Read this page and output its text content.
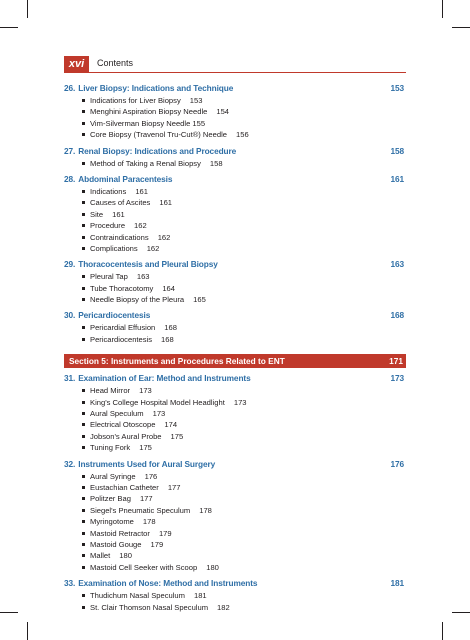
xvi	Contents
26. Liver Biopsy: Indications and Technique	153
Indications for Liver Biopsy 153
Menghini Aspiration Biopsy Needle 154
Vim-Silverman Biopsy Needle 155
Core Biopsy (Travenol Tru-Cut®) Needle 156
27. Renal Biopsy: Indications and Procedure	158
Method of Taking a Renal Biopsy 158
28. Abdominal Paracentesis	161
Indications 161
Causes of Ascites 161
Site 161
Procedure 162
Contraindications 162
Complications 162
29. Thoracocentesis and Pleural Biopsy	163
Pleural Tap 163
Tube Thoracotomy 164
Needle Biopsy of the Pleura 165
30. Pericardiocentesis	168
Pericardial Effusion 168
Pericardiocentesis 168
Section 5: Instruments and Procedures Related to ENT	171
31. Examination of Ear: Method and Instruments	173
Head Mirror 173
King's College Hospital Model Headlight 173
Aural Speculum 173
Electrical Otoscope 174
Jobson's Aural Probe 175
Tuning Fork 175
32. Instruments Used for Aural Surgery	176
Aural Syringe 176
Eustachian Catheter 177
Politzer Bag 177
Siegel's Pneumatic Speculum 178
Myringotome 178
Mastoid Retractor 179
Mastoid Gouge 179
Mallet 180
Mastoid Cell Seeker with Scoop 180
33. Examination of Nose: Method and Instruments	181
Thudichum Nasal Speculum 181
St. Clair Thomson Nasal Speculum 182
